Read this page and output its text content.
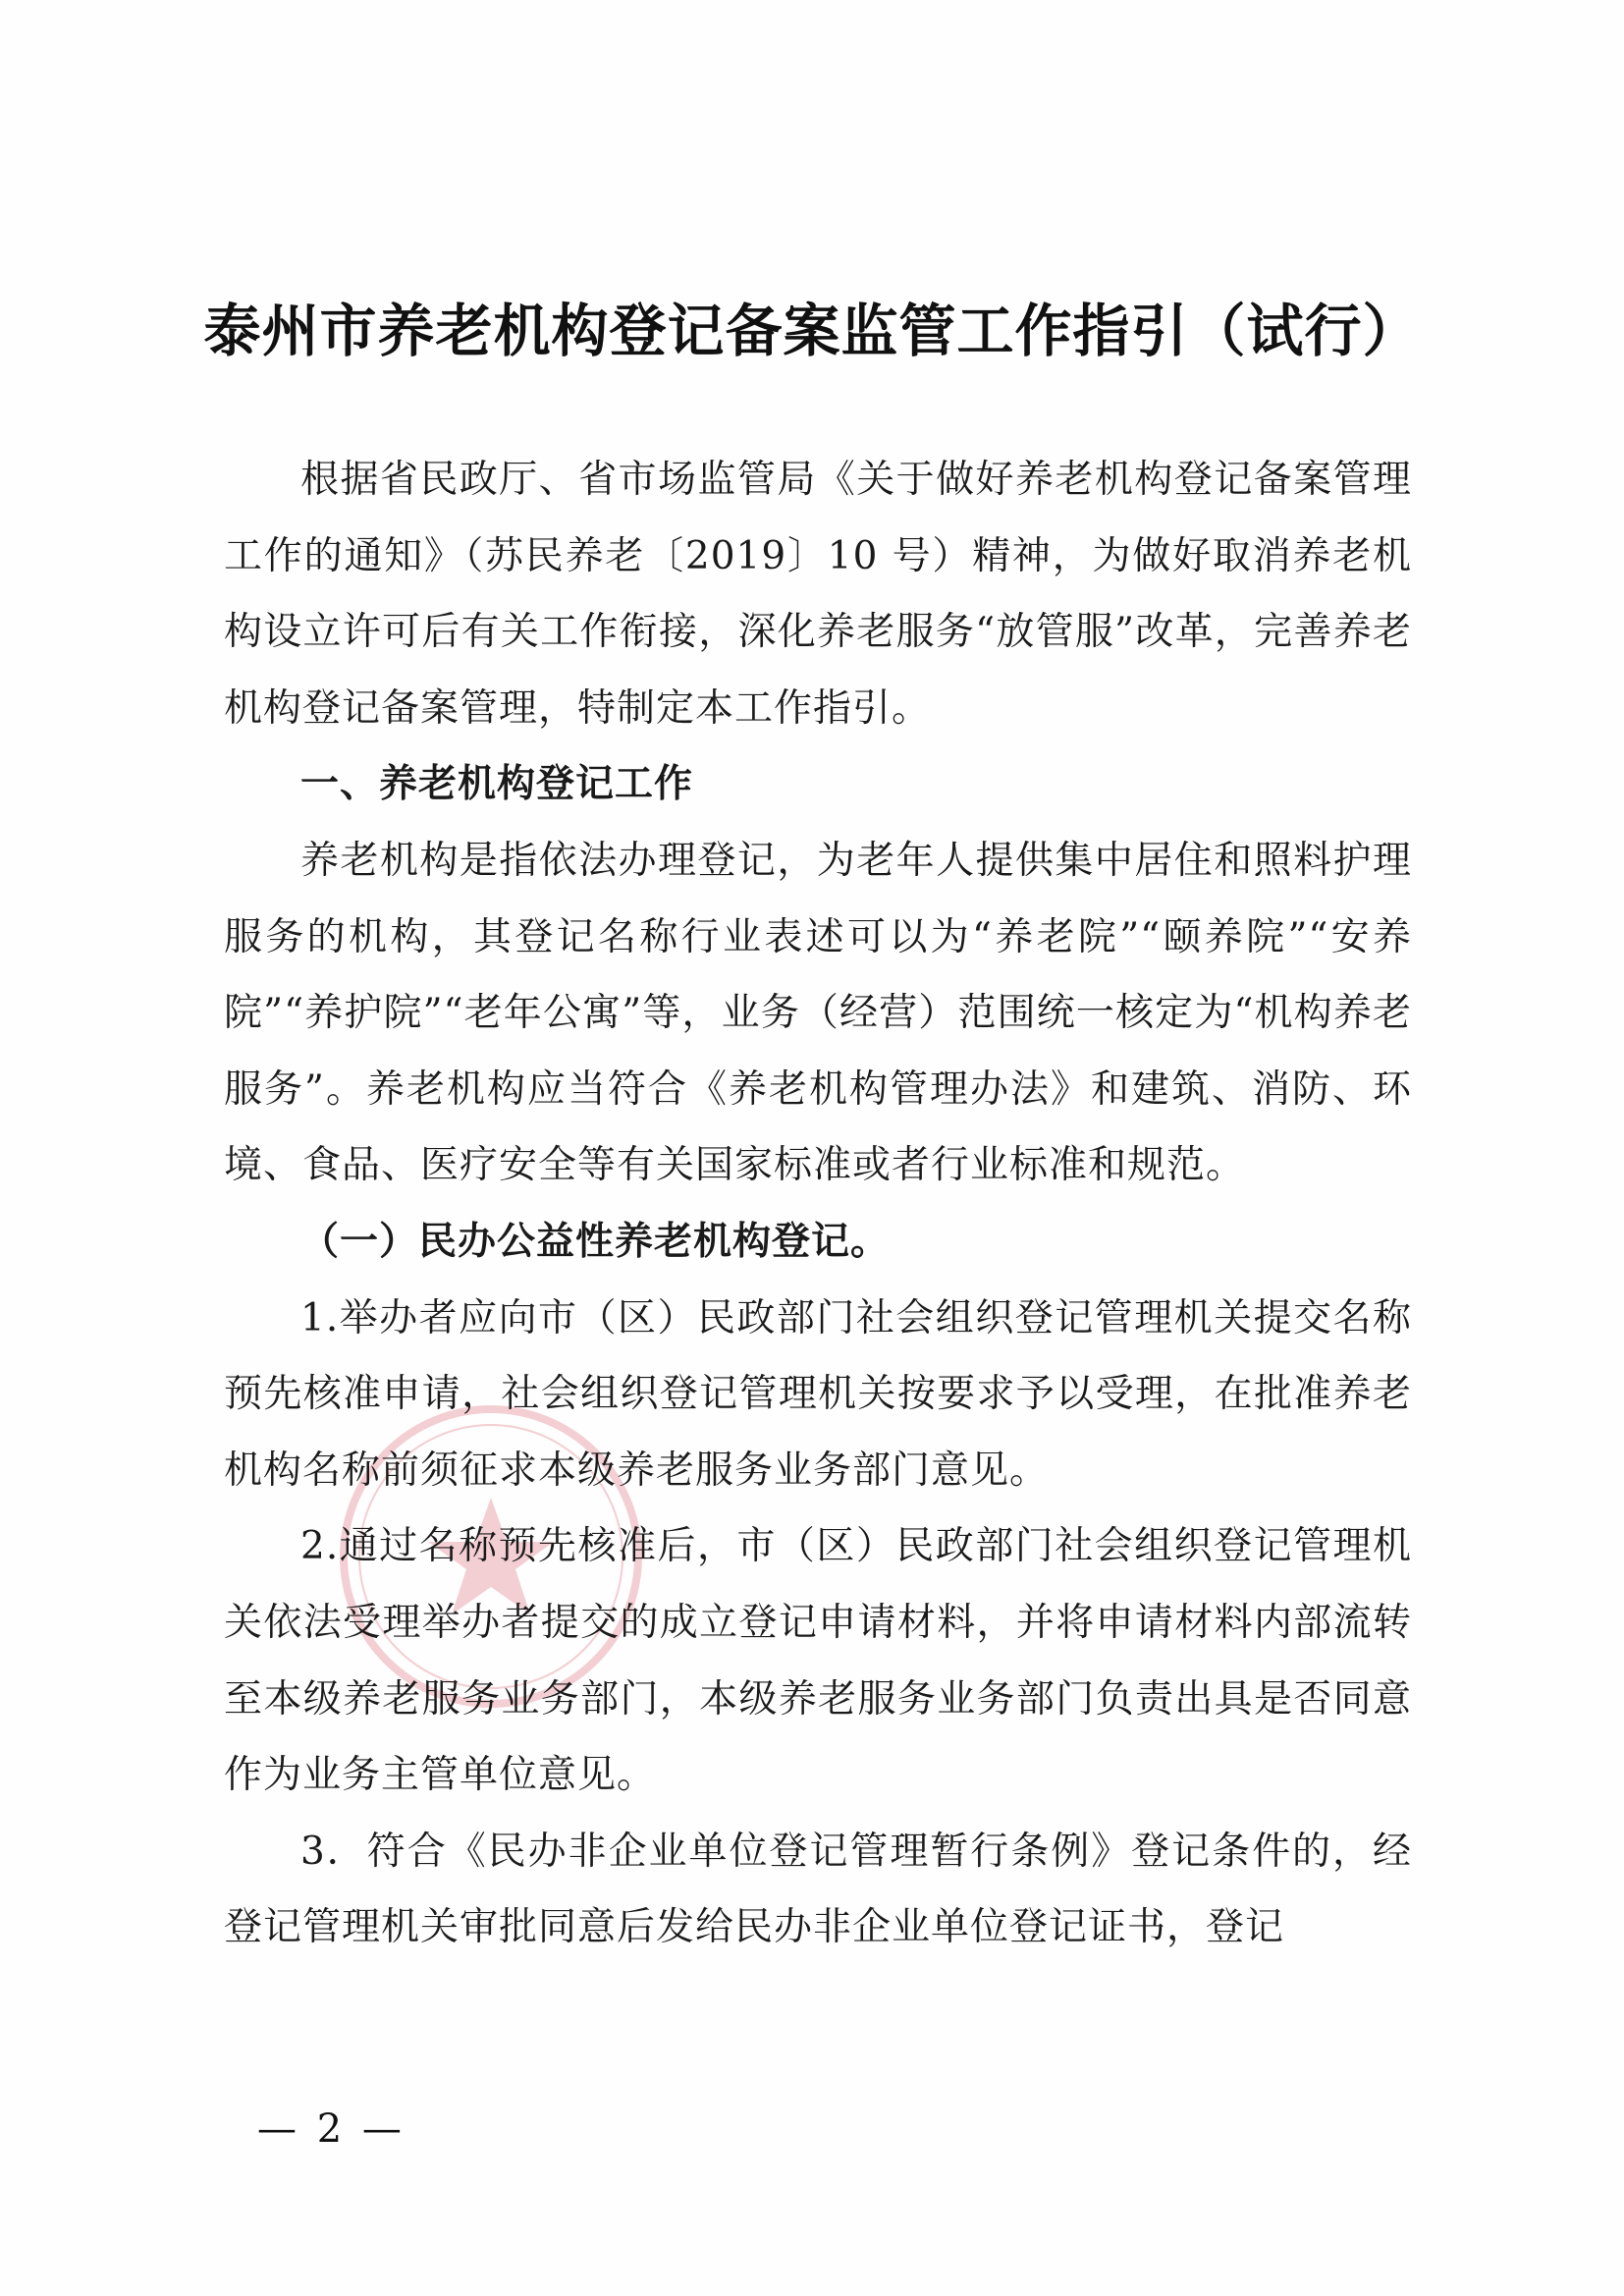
泰州市养老机构登记备案监管工作指引（试行）

根据省民政厅、省市场监管局《关于做好养老机构登记备案管理工作的通知》（苏民养老〔2019〕10 号）精神，为做好取消养老机构设立许可后有关工作衔接，深化养老服务“放管服”改革，完善养老机构登记备案管理，特制定本工作指引。

一、养老机构登记工作

养老机构是指依法办理登记，为老年人提供集中居住和照料护理服务的机构，其登记名称行业表述可以为“养老院”“颐养院”“安养院”“养护院”“老年公寓”等，业务（经营）范围统一核定为“机构养老服务”。养老机构应当符合《养老机构管理办法》和建筑、消防、环境、食品、医疗安全等有关国家标准或者行业标准和规范。

（一）民办公益性养老机构登记。

1.举办者应向市（区）民政部门社会组织登记管理机关提交名称预先核准申请，社会组织登记管理机关按要求予以受理，在批准养老机构名称前须征求本级养老服务业务部门意见。

2.通过名称预先核准后，市（区）民政部门社会组织登记管理机关依法受理举办者提交的成立登记申请材料，并将申请材料内部流转至本级养老服务业务部门，本级养老服务业务部门负责出具是否同意作为业务主管单位意见。

3．符合《民办非企业单位登记管理暂行条例》登记条件的，经登记管理机关审批同意后发给民办非企业单位登记证书，登记

— 2 —
